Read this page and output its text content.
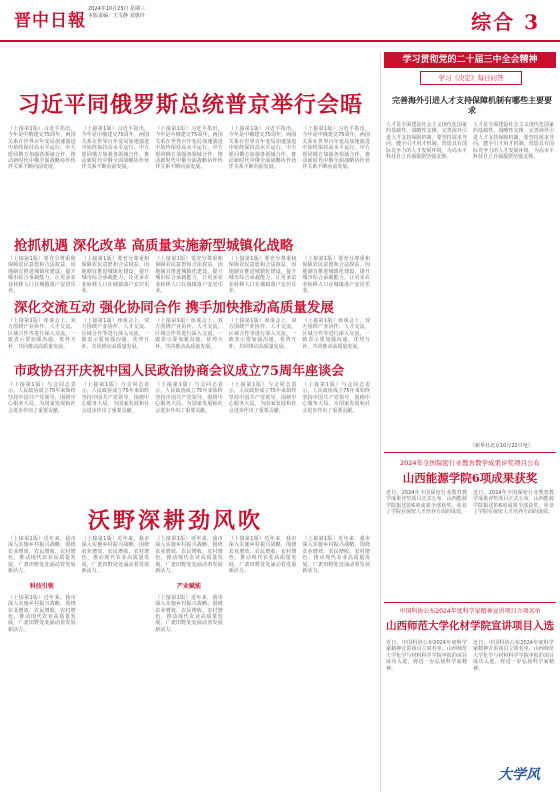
晋中日報
2024年10月23日 星期三
本版责编：王文静 刘惠玲	综合 3
习近平同俄罗斯总统普京举行会晤
（上接第1版）习近平指出，今年是中俄建交75周年，两国关系在世界百年变局加速演进中始终保持高水平运行。中方愿同俄方加强各领域合作，推动新时代中俄全面战略协作伙伴关系不断向前发展。
（上接第1版）习近平指出，今年是中俄建交75周年，两国关系在世界百年变局加速演进中始终保持高水平运行。中方愿同俄方加强各领域合作，推动新时代中俄全面战略协作伙伴关系不断向前发展。
（上接第1版）习近平指出，今年是中俄建交75周年，两国关系在世界百年变局加速演进中始终保持高水平运行。中方愿同俄方加强各领域合作，推动新时代中俄全面战略协作伙伴关系不断向前发展。
（上接第1版）习近平指出，今年是中俄建交75周年，两国关系在世界百年变局加速演进中始终保持高水平运行。中方愿同俄方加强各领域合作，推动新时代中俄全面战略协作伙伴关系不断向前发展。
（上接第1版）习近平指出，今年是中俄建交75周年，两国关系在世界百年变局加速演进中始终保持高水平运行。中方愿同俄方加强各领域合作，推动新时代中俄全面战略协作伙伴关系不断向前发展。
抢抓机遇 深化改革 高质量实施新型城镇化战略
（上接第1版）要充分尊重和保障农民意愿和合法权益，因地制宜推进城镇化建设，提升城市综合承载能力，让更多农业转移人口在城镇落户安居乐业。
（上接第1版）要充分尊重和保障农民意愿和合法权益，因地制宜推进城镇化建设，提升城市综合承载能力，让更多农业转移人口在城镇落户安居乐业。
（上接第1版）要充分尊重和保障农民意愿和合法权益，因地制宜推进城镇化建设，提升城市综合承载能力，让更多农业转移人口在城镇落户安居乐业。
（上接第1版）要充分尊重和保障农民意愿和合法权益，因地制宜推进城镇化建设，提升城市综合承载能力，让更多农业转移人口在城镇落户安居乐业。
（上接第1版）要充分尊重和保障农民意愿和合法权益，因地制宜推进城镇化建设，提升城市综合承载能力，让更多农业转移人口在城镇落户安居乐业。
深化交流互动 强化协同合作 携手加快推动高质量发展
（上接第1版）座谈会上，双方围绕产业协作、人才交流、区域合作等进行深入交流，一致表示要加强沟通、优势互补，共同推动高质量发展。
（上接第1版）座谈会上，双方围绕产业协作、人才交流、区域合作等进行深入交流，一致表示要加强沟通、优势互补，共同推动高质量发展。
（上接第1版）座谈会上，双方围绕产业协作、人才交流、区域合作等进行深入交流，一致表示要加强沟通、优势互补，共同推动高质量发展。
（上接第1版）座谈会上，双方围绕产业协作、人才交流、区域合作等进行深入交流，一致表示要加强沟通、优势互补，共同推动高质量发展。
（上接第1版）座谈会上，双方围绕产业协作、人才交流、区域合作等进行深入交流，一致表示要加强沟通、优势互补，共同推动高质量发展。
市政协召开庆祝中国人民政治协商会议成立75周年座谈会
（上接第1版）与会同志表示，人民政协成立75年来始终坚持中国共产党领导，围绕中心服务大局，为国家发展和社会进步作出了重要贡献。
（上接第1版）与会同志表示，人民政协成立75年来始终坚持中国共产党领导，围绕中心服务大局，为国家发展和社会进步作出了重要贡献。
（上接第1版）与会同志表示，人民政协成立75年来始终坚持中国共产党领导，围绕中心服务大局，为国家发展和社会进步作出了重要贡献。
（上接第1版）与会同志表示，人民政协成立75年来始终坚持中国共产党领导，围绕中心服务大局，为国家发展和社会进步作出了重要贡献。
（上接第1版）与会同志表示，人民政协成立75年来始终坚持中国共产党领导，围绕中心服务大局，为国家发展和社会进步作出了重要贡献。
沃野深耕劲风吹
（上接第1版）近年来，我市深入实施乡村振兴战略，围绕农业增效、农民增收、农村增色，推动现代农业高质量发展，广袤田野处处涌动着发展新活力。
科技引领
（上接第1版）近年来，我市深入实施乡村振兴战略，围绕农业增效、农民增收、农村增色，推动现代农业高质量发展，广袤田野处处涌动着发展新活力。
（上接第1版）近年来，我市深入实施乡村振兴战略，围绕农业增效、农民增收、农村增色，推动现代农业高质量发展，广袤田野处处涌动着发展新活力。
（上接第1版）近年来，我市深入实施乡村振兴战略，围绕农业增效、农民增收、农村增色，推动现代农业高质量发展，广袤田野处处涌动着发展新活力。
产业赋能
（上接第1版）近年来，我市深入实施乡村振兴战略，围绕农业增效、农民增收、农村增色，推动现代农业高质量发展，广袤田野处处涌动着发展新活力。
（上接第1版）近年来，我市深入实施乡村振兴战略，围绕农业增效、农民增收、农村增色，推动现代农业高质量发展，广袤田野处处涌动着发展新活力。
（上接第1版）近年来，我市深入实施乡村振兴战略，围绕农业增效、农民增收、农村增色，推动现代农业高质量发展，广袤田野处处涌动着发展新活力。
学习贯彻党的二十届三中全会精神
学习《决定》每日问答
完善海外引进人才支持保障机制有哪些主要要求
人才是全面建设社会主义现代化国家的基础性、战略性支撑。完善海外引进人才支持保障机制，要坚持需求导向，健全引才用才机制，营造具有国际竞争力的人才发展环境，为高水平科技自立自强提供坚强支撑。
人才是全面建设社会主义现代化国家的基础性、战略性支撑。完善海外引进人才支持保障机制，要坚持需求导向，健全引才用才机制，营造具有国际竞争力的人才发展环境，为高水平科技自立自强提供坚强支撑。
（新华社北京10月22日电）
2024年全国保密行业教育教学成果评奖项目公布
山西能源学院6项成果获奖
近日，2024年全国保密行业教育教学成果评奖项目正式公布，山西能源学院报送的6项成果全部获奖，彰显了学院在保密人才培养方面的成效。
近日，2024年全国保密行业教育教学成果评奖项目正式公布，山西能源学院报送的6项成果全部获奖，彰显了学院在保密人才培养方面的成效。
中国科协公布2024年度科学家精神宣讲项目立项名单
山西师范大学化材学院宣讲项目入选
近日，中国科协公布2024年度科学家精神宣讲项目立项名单，山西师范大学化学与材料科学学院申报的项目成功入选，将进一步弘扬科学家精神。
近日，中国科协公布2024年度科学家精神宣讲项目立项名单，山西师范大学化学与材料科学学院申报的项目成功入选，将进一步弘扬科学家精神。
大学风
